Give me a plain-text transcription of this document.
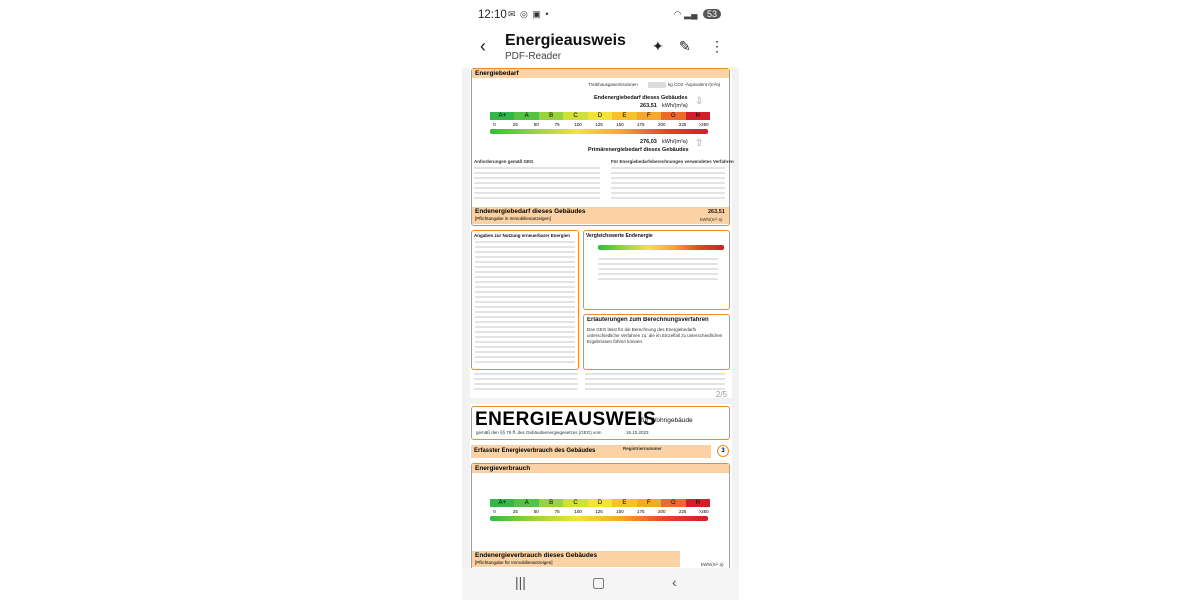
12:10 ✉ ◎ ▣ •	◠ ▂▄ 53
‹ Energieausweis
PDF-Reader
✦ ✎ ⋮
Energiebedarf
Treibhausgasemissionen	kg CO2 -Äquivalent /(m²a)
Endenergiebedarf dieses Gebäudes
263,51 kWh/(m²a) ⇩
A+	A	B	C	D	E	F	G	H
0	25	50	75	100	125	150	175	200	225	>250
276,03 kWh/(m²a)
Primärenergiebedarf dieses Gebäudes
⇧
Anforderungen gemäß GEG	Für Energiebedarfsberechnungen verwendetes Verfahren
Endenergiebedarf dieses Gebäudes
[Pflichtangabe in Immobilienanzeigen]
263,51
kWh/(m²·a)
Angaben zur Nutzung erneuerbarer Energien	Vergleichswerte Endenergie
Erläuterungen zum Berechnungsverfahren
Das GEG lässt für die Berechnung des Energiebedarfs unterschiedliche Verfahren zu, die im Einzelfall zu unterschiedlichen Ergebnissen führen können.
2/5
ENERGIEAUSWEIS
für Wohngebäude
gemäß den §§ 79 ff. des Gebäudeenergiegesetzes (GEG) vom	16.10.2023
Erfasster Energieverbrauch des Gebäudes	Registriernummer	3
Energieverbrauch
A+	A	B	C	D	E	F	G	H
0	25	50	75	100	125	150	175	200	225	>250
Endenergieverbrauch dieses Gebäudes
[Pflichtangabe für Immobilienanzeigen]	kWh/(m²·a)
|||	▢	‹
